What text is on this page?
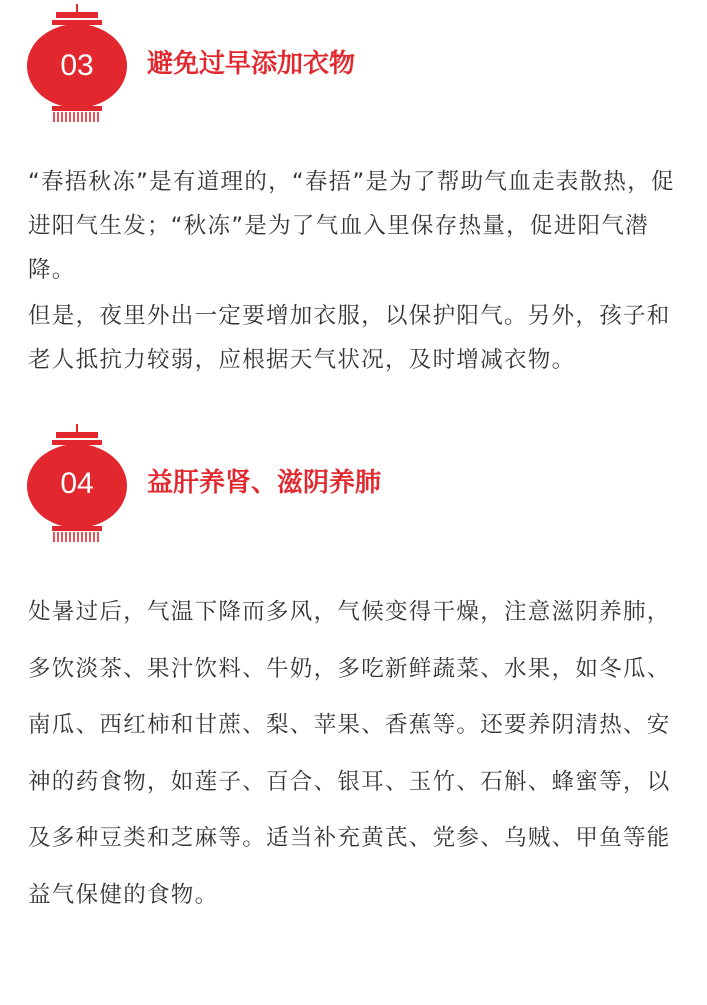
03	避免过早添加衣物

“春捂秋冻”是有道理的，“春捂”是为了帮助气血走表散热，促进阳气生发；“秋冻”是为了气血入里保存热量，促进阳气潜降。

但是，夜里外出一定要增加衣服，以保护阳气。另外，孩子和老人抵抗力较弱，应根据天气状况，及时增减衣物。

04	益肝养肾、滋阴养肺

处暑过后，气温下降而多风，气候变得干燥，注意滋阴养肺，多饮淡茶、果汁饮料、牛奶，多吃新鲜蔬菜、水果，如冬瓜、南瓜、西红柿和甘蔗、梨、苹果、香蕉等。还要养阴清热、安神的药食物，如莲子、百合、银耳、玉竹、石斛、蜂蜜等，以及多种豆类和芝麻等。适当补充黄芪、党参、乌贼、甲鱼等能益气保健的食物。
